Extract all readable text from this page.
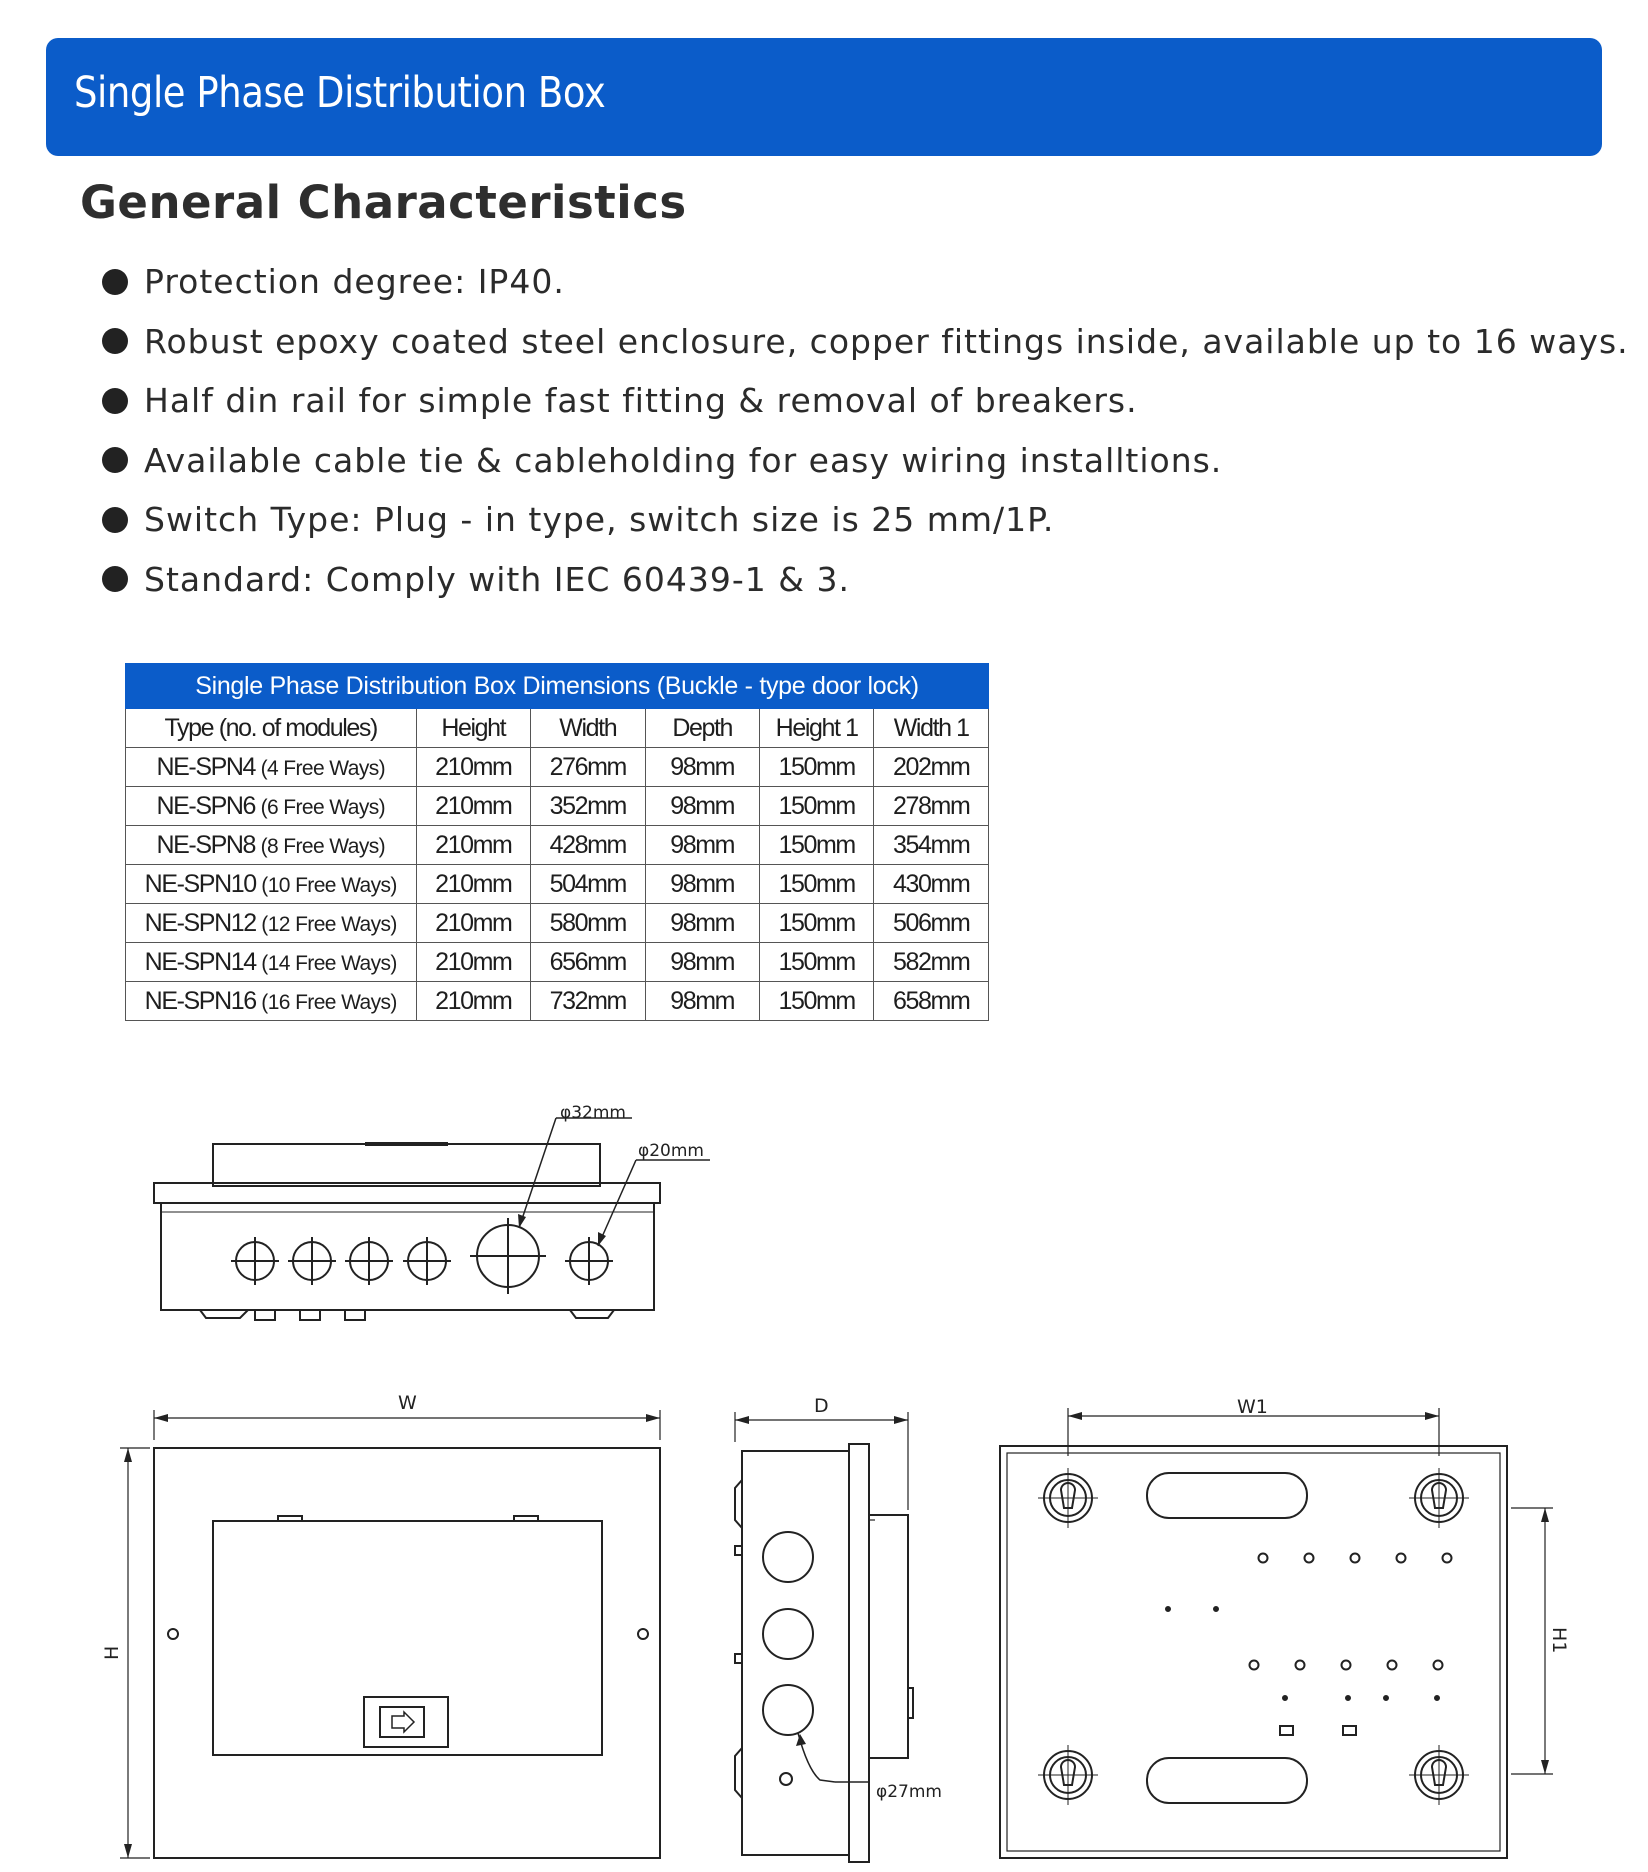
Single Phase Distribution Box
General Characteristics
Protection degree: IP40.
Robust epoxy coated steel enclosure, copper fittings inside, available up to 16 ways.
Half din rail for simple fast fitting & removal of breakers.
Available cable tie & cableholding for easy wiring installtions.
Switch Type: Plug - in type, switch size is 25 mm/1P.
Standard: Comply with IEC 60439-1 & 3.
Single Phase Distribution Box Dimensions (Buckle - type door lock)					
Type (no. of modules)	Height	Width	Depth	Height 1	Width 1
NE-SPN4 (4 Free Ways)	210mm	276mm	98mm	150mm	202mm
NE-SPN6 (6 Free Ways)	210mm	352mm	98mm	150mm	278mm
NE-SPN8 (8 Free Ways)	210mm	428mm	98mm	150mm	354mm
NE-SPN10 (10 Free Ways)	210mm	504mm	98mm	150mm	430mm
NE-SPN12 (12 Free Ways)	210mm	580mm	98mm	150mm	506mm
NE-SPN14 (14 Free Ways)	210mm	656mm	98mm	150mm	582mm
NE-SPN16 (16 Free Ways)	210mm	732mm	98mm	150mm	658mm
φ32mm
φ20mm
W
H
D
φ27mm
W1
H1
